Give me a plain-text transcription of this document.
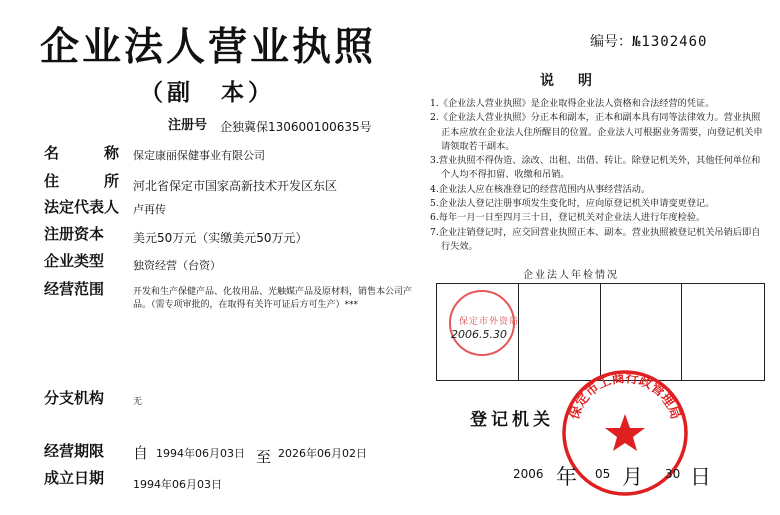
企业法人营业执照
（副　本）
编号：№1302460
注册号 企独冀保130600100635号
名　　　称 保定康丽保健事业有限公司
住　　　所 河北省保定市国家高新技术开发区东区
法定代表人 卢再传
注册资本 美元50万元（实缴美元50万元）
企业类型	独资经营（台资）
经营范围	开发和生产保健产品、化妆用品、光触媒产品及原材料，销售本公司产品。（需专项审批的，在取得有关许可证后方可生产）***
分支机构	无
经营期限 自 1994年06月03日 至 2026年06月02日
成立日期	1994年06月03日
说明
1.《企业法人营业执照》是企业取得企业法人资格和合法经营的凭证。
2.《企业法人营业执照》分正本和副本，正本和副本具有同等法律效力。营业执照正本应放在企业法人住所醒目的位置。企业法人可根据业务需要，向登记机关申请领取若干副本。
3.营业执照不得伪造、涂改、出租、出借、转让。除登记机关外，其他任何单位和个人均不得扣留、收缴和吊销。
4.企业法人应在核准登记的经营范围内从事经营活动。
5.企业法人登记注册事项发生变化时，应向原登记机关申请变更登记。
6.每年一月一日至四月三十日，登记机关对企业法人进行年度检验。
7.企业注销登记时，应交回营业执照正本、副本。营业执照被登记机关吊销后即自行失效。
企业法人年检情况
保定市外资局
2006.5.30
登记机关 保定市工商行政管理局
2006 年 05 月 30 日
